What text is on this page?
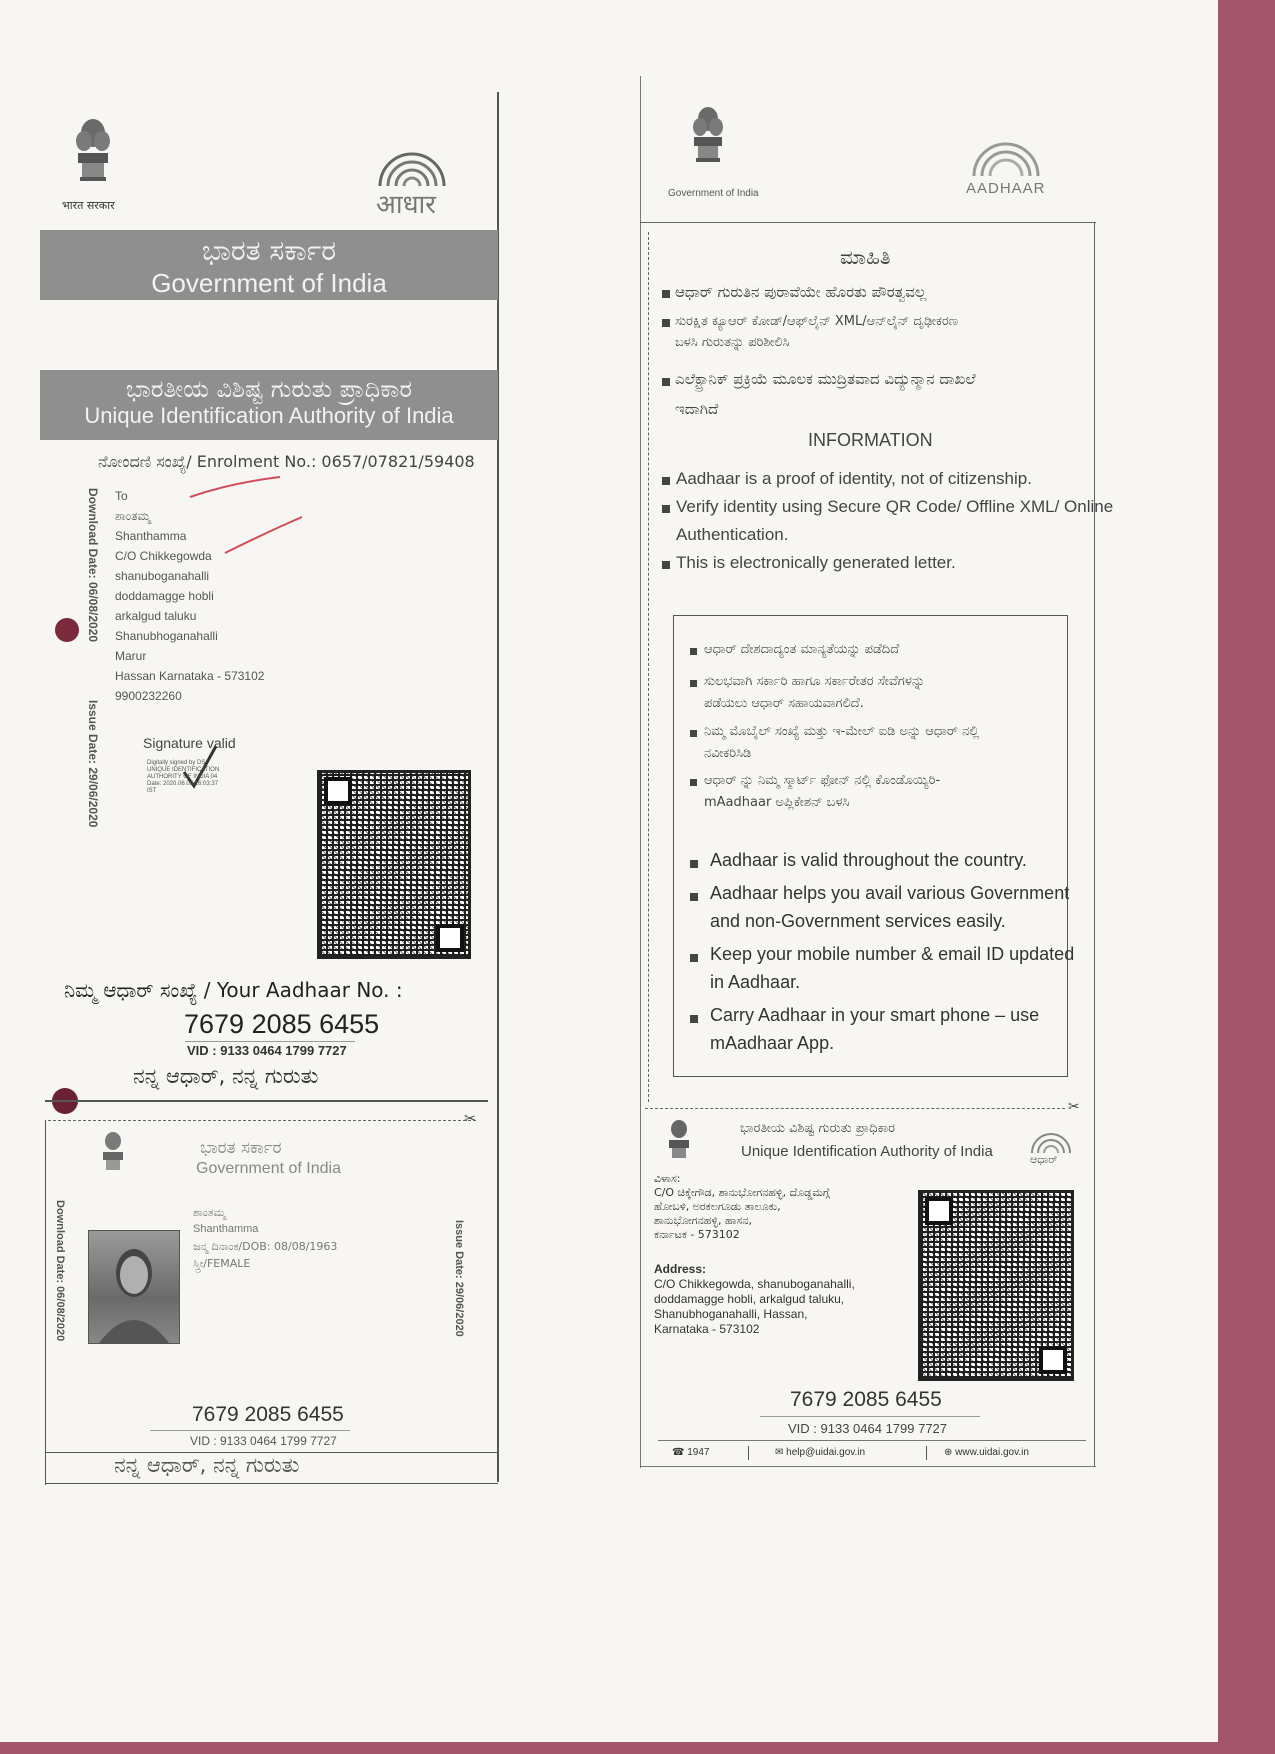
भारत सरकार	आधार
ಭಾರತ ಸರ್ಕಾರ
Government of India
ಭಾರತೀಯ ವಿಶಿಷ್ಟ ಗುರುತು ಪ್ರಾಧಿಕಾರ
Unique Identification Authority of India
ನೋಂದಣಿ ಸಂಖ್ಯೆ/ Enrolment No.: 0657/07821/59408
Download Date: 06/08/2020
Issue Date: 29/06/2020
To
ಶಾಂತಮ್ಮ
Shanthamma
C/O Chikkegowda
shanuboganahalli
doddamagge hobli
arkalgud taluku
Shanubhoganahalli
Marur
Hassan Karnataka - 573102
9900232260
Signature valid
Digitally signed by DS
UNIQUE IDENTIFICATION
AUTHORITY OF INDIA 04
Date: 2020.06.05 16:03:37
IST
ನಿಮ್ಮ ಆಧಾರ್ ಸಂಖ್ಯೆ / Your Aadhaar No. :
7679 2085 6455
VID : 9133 0464 1799 7727
ನನ್ನ ಆಧಾರ್, ನನ್ನ ಗುರುತು
✂
ಭಾರತ ಸರ್ಕಾರ
Government of India
Download Date: 06/08/2020	Issue Date: 29/06/2020
ಶಾಂತಮ್ಮ
Shanthamma
ಜನ್ಮ ದಿನಾಂಕ/DOB: 08/08/1963
ಸ್ತ್ರೀ/FEMALE
7679 2085 6455
VID : 9133 0464 1799 7727
ನನ್ನ ಆಧಾರ್, ನನ್ನ ಗುರುತು
Government of India	AADHAAR
ಮಾಹಿತಿ
ಆಧಾರ್ ಗುರುತಿನ ಪುರಾವೆಯೇ ಹೊರತು ಪೌರತ್ವವಲ್ಲ
ಸುರಕ್ಷಿತ ಕ್ಯೂಆರ್ ಕೋಡ್/ಆಫ್‌ಲೈನ್ XML/ಆನ್‌ಲೈನ್ ದೃಢೀಕರಣ
ಬಳಸಿ ಗುರುತನ್ನು ಪರಿಶೀಲಿಸಿ
ಎಲೆಕ್ಟ್ರಾನಿಕ್ ಪ್ರಕ್ರಿಯೆ ಮೂಲಕ ಮುದ್ರಿತವಾದ ವಿದ್ಯುನ್ಮಾನ ದಾಖಲೆ
ಇದಾಗಿದೆ
INFORMATION
Aadhaar is a proof of identity, not of citizenship.
Verify identity using Secure QR Code/ Offline XML/ Online
Authentication.
This is electronically generated letter.
ಆಧಾರ್ ದೇಶದಾದ್ಯಂತ ಮಾನ್ಯತೆಯನ್ನು ಪಡೆದಿದೆ
ಸುಲಭವಾಗಿ ಸರ್ಕಾರಿ ಹಾಗೂ ಸರ್ಕಾರೇತರ ಸೇವೆಗಳನ್ನು
ಪಡೆಯಲು ಆಧಾರ್ ಸಹಾಯವಾಗಲಿದೆ.
ನಿಮ್ಮ ಮೊಬೈಲ್ ಸಂಖ್ಯೆ ಮತ್ತು ಇ-ಮೇಲ್ ಐಡಿ ಅನ್ನು ಆಧಾರ್ ನಲ್ಲಿ
ನವೀಕರಿಸಿಡಿ
ಆಧಾರ್ ನ್ನು ನಿಮ್ಮ ಸ್ಮಾರ್ಟ್ ಫೋನ್ ನಲ್ಲಿ ಕೊಂಡೊಯ್ಯಿರಿ-
mAadhaar ಅಪ್ಲಿಕೇಶನ್ ಬಳಸಿ
Aadhaar is valid throughout the country.
Aadhaar helps you avail various Government
and non-Government services easily.
Keep your mobile number & email ID updated
in Aadhaar.
Carry Aadhaar in your smart phone – use
mAadhaar App.
✂
ಭಾರತೀಯ ವಿಶಿಷ್ಟ ಗುರುತು ಪ್ರಾಧಿಕಾರ
Unique Identification Authority of India	ಆಧಾರ್
ವಿಳಾಸ:
C/O ಚಿಕ್ಕೇಗೌಡ, ಶಾನುಭೋಗನಹಳ್ಳಿ, ದೊಡ್ಡಮಗ್ಗೆ
ಹೋಬಳಿ, ಅರಕಲಗೂಡು ತಾಲೂಕು,
ಶಾನುಭೋಗನಹಳ್ಳಿ, ಹಾಸನ,
ಕರ್ನಾಟಕ - 573102
Address:
C/O Chikkegowda, shanuboganahalli,
doddamagge hobli, arkalgud taluku,
Shanubhoganahalli, Hassan,
Karnataka - 573102
7679 2085 6455
VID : 9133 0464 1799 7727
☎ 1947	✉ help@uidai.gov.in	⊕ www.uidai.gov.in
